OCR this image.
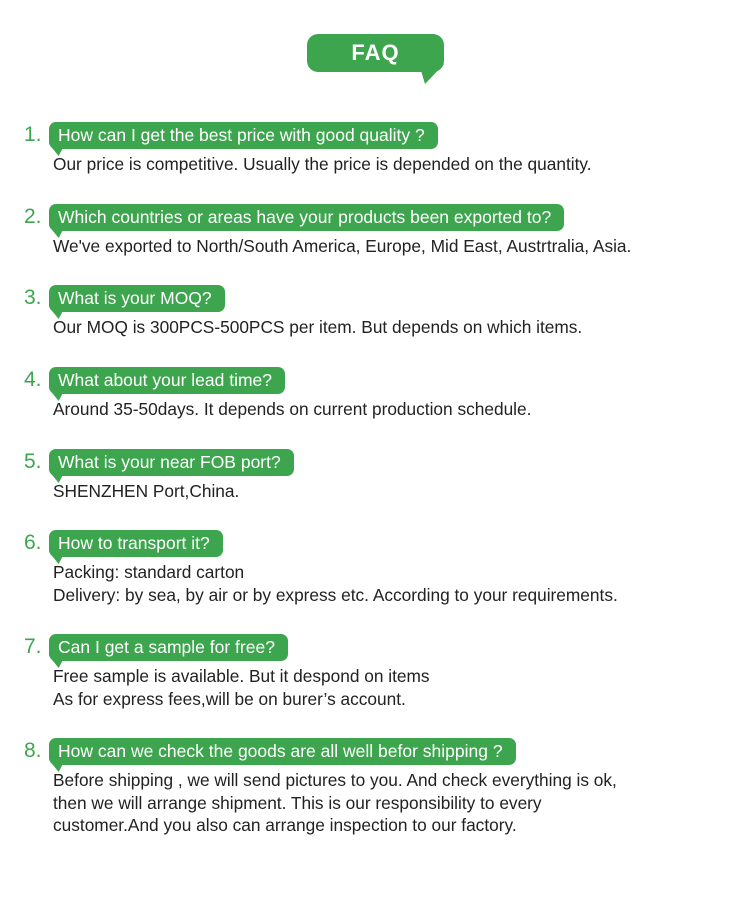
FAQ
1. How can I get the best price with good quality ?
Our price is competitive. Usually the price is depended on the quantity.
2. Which countries or areas have your products been exported to?
We've exported to North/South America, Europe, Mid East, Austrtralia, Asia.
3. What is your MOQ?
Our MOQ is 300PCS-500PCS per item. But depends on which items.
4. What about your lead time?
Around 35-50days. It depends on current production schedule.
5. What is your near FOB port?
SHENZHEN Port,China.
6. How to transport it?
Packing: standard carton
Delivery: by sea, by air or by express etc. According to your requirements.
7. Can I get a sample for free?
Free sample is available. But it despond on items
As for express fees,will be on burer’s account.
8. How can we check the goods are all well befor shipping ?
Before shipping , we will send pictures to you. And check everything is ok,
then we will arrange shipment. This is our responsibility to every
customer.And you also can arrange inspection to our factory.
